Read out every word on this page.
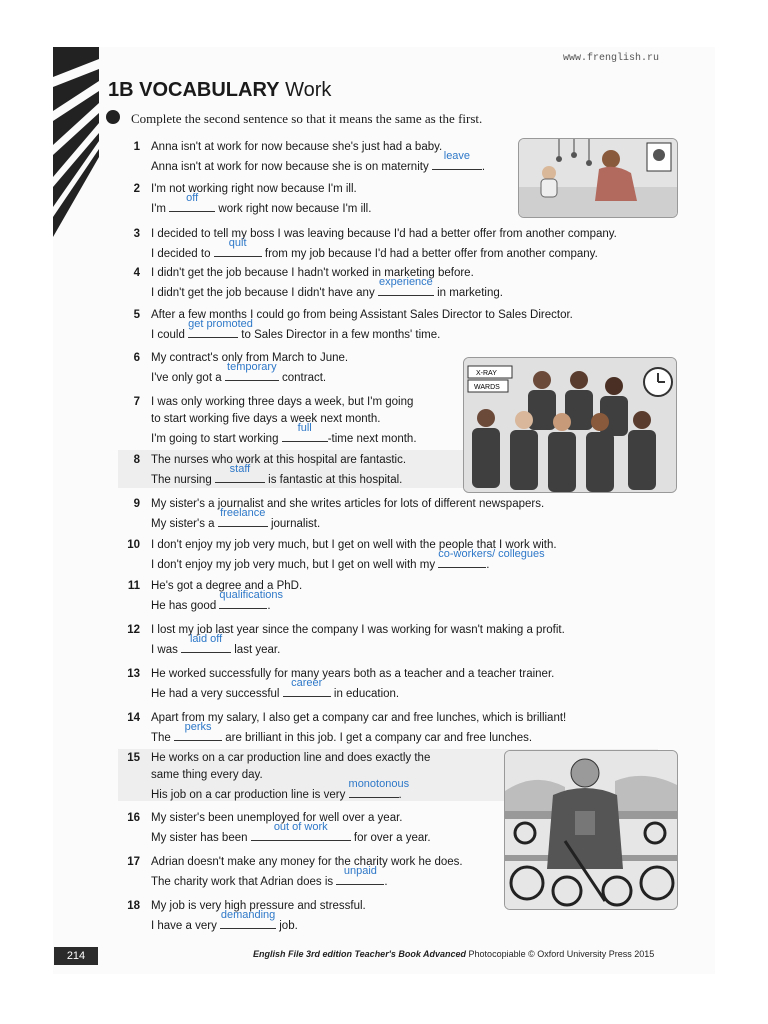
www.frenglish.ru
1B VOCABULARY Work
Complete the second sentence so that it means the same as the first.
1 Anna isn't at work for now because she's just had a baby.
Anna isn't at work for now because she is on maternity
leave
.
2 I'm not working right now because I'm ill.
I'm
off
work right now because I'm ill.
3 I decided to tell my boss I was leaving because I'd had a better offer from another company.
I decided to
quit
from my job because I'd had a better offer from another company.
4 I didn't get the job because I hadn't worked in marketing before.
I didn't get the job because I didn't have any
experience
in marketing.
5 After a few months I could go from being Assistant Sales Director to Sales Director.
I could
get promoted
to Sales Director in a few months' time.
6 My contract's only from March to June.
I've only got a
temporary
contract.
7 I was only working three days a week, but I'm going
to start working five days a week next month.
I'm going to start working
full
-time next month.
8 The nurses who work at this hospital are fantastic.
The nursing
staff
is fantastic at this hospital.
9 My sister's a journalist and she writes articles for lots of different newspapers.
My sister's a
freelance
journalist.
10 I don't enjoy my job very much, but I get on well with the people that I work with.
I don't enjoy my job very much, but I get on well with my
co-workers/ collegues
.
11 He's got a degree and a PhD.
He has good
qualifications
.
12 I lost my job last year since the company I was working for wasn't making a profit.
I was
laid off
last year.
13 He worked successfully for many years both as a teacher and a teacher trainer.
He had a very successful
career
in education.
14 Apart from my salary, I also get a company car and free lunches, which is brilliant!
The
perks
are brilliant in this job. I get a company car and free lunches.
15 He works on a car production line and does exactly the
same thing every day.
His job on a car production line is very
monotonous
.
16 My sister's been unemployed for well over a year.
My sister has been
out of work
for over a year.
17 Adrian doesn't make any money for the charity work he does.
The charity work that Adrian does is
unpaid
.
18 My job is very high pressure and stressful.
I have a very
demanding
job.
X-RAY
WARDS
214	English File 3rd edition Teacher's Book Advanced Photocopiable © Oxford University Press 2015
